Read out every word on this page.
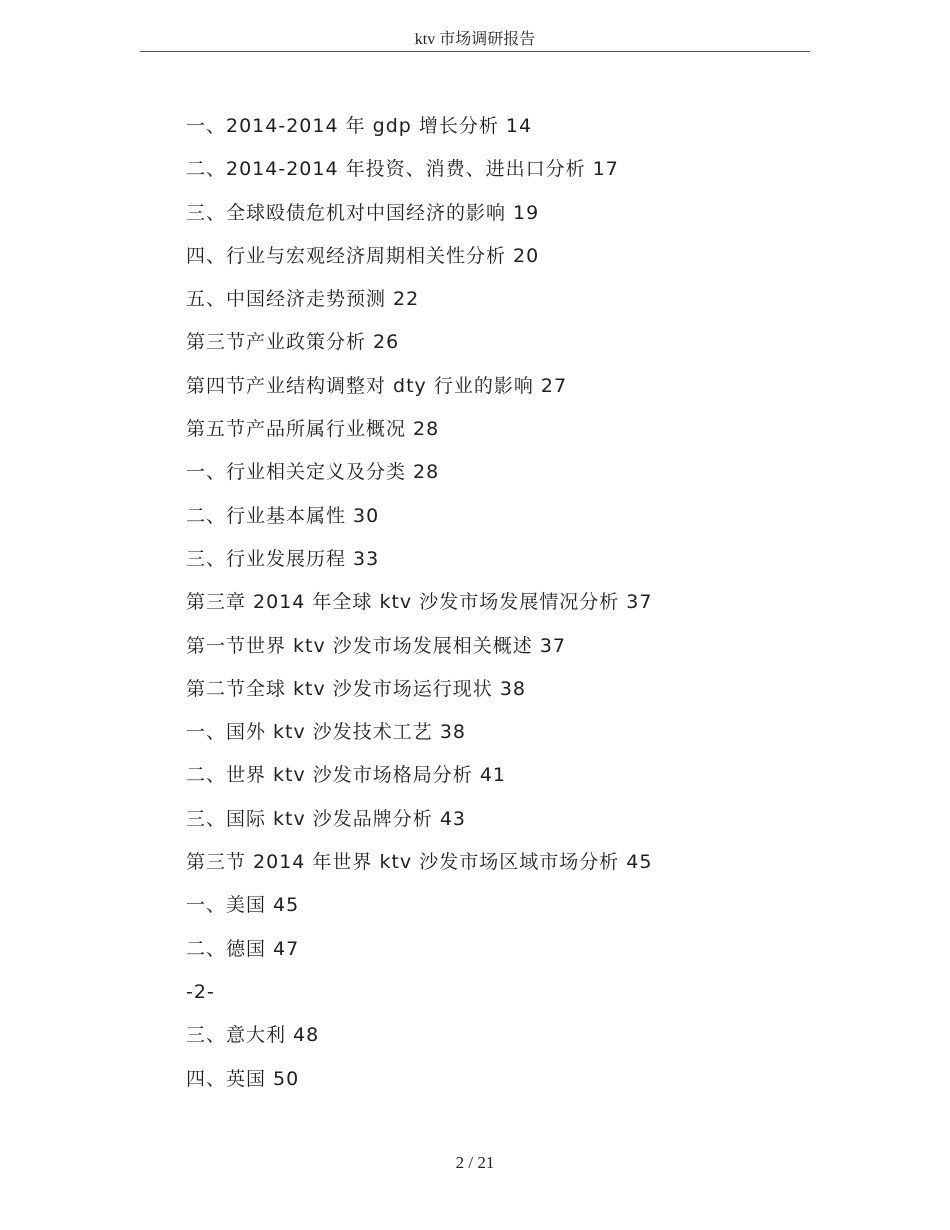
ktv 市场调研报告
一、2014-2014 年 gdp 增长分析 14
二、2014-2014 年投资、消费、进出口分析 17
三、全球殴债危机对中国经济的影响 19
四、行业与宏观经济周期相关性分析 20
五、中国经济走势预测 22
第三节产业政策分析 26
第四节产业结构调整对 dty 行业的影响 27
第五节产品所属行业概况 28
一、行业相关定义及分类 28
二、行业基本属性 30
三、行业发展历程 33
第三章 2014 年全球 ktv 沙发市场发展情况分析 37
第一节世界 ktv 沙发市场发展相关概述 37
第二节全球 ktv 沙发市场运行现状 38
一、国外 ktv 沙发技术工艺 38
二、世界 ktv 沙发市场格局分析 41
三、国际 ktv 沙发品牌分析 43
第三节 2014 年世界 ktv 沙发市场区域市场分析 45
一、美国 45
二、德国 47
-2-
三、意大利 48
四、英国 50
2 / 21
